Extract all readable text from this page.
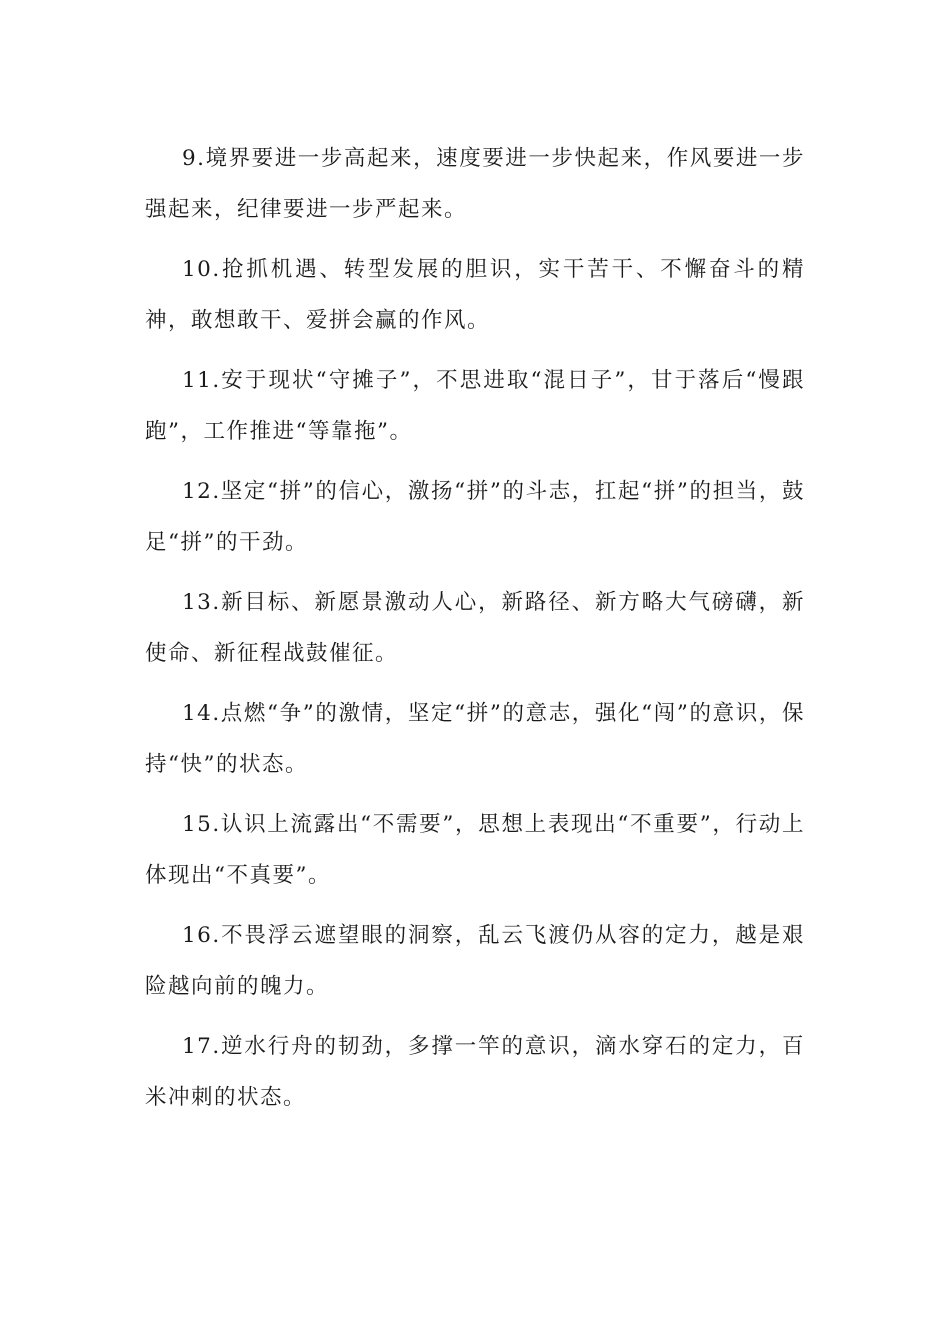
9.境界要进一步高起来，速度要进一步快起来，作风要进一步强起来，纪律要进一步严起来。

10.抢抓机遇、转型发展的胆识，实干苦干、不懈奋斗的精神，敢想敢干、爱拼会赢的作风。

11.安于现状“守摊子”，不思进取“混日子”，甘于落后“慢跟跑”，工作推进“等靠拖”。

12.坚定“拼”的信心，激扬“拼”的斗志，扛起“拼”的担当，鼓足“拼”的干劲。

13.新目标、新愿景激动人心，新路径、新方略大气磅礴，新使命、新征程战鼓催征。

14.点燃“争”的激情，坚定“拼”的意志，强化“闯”的意识，保持“快”的状态。

15.认识上流露出“不需要”，思想上表现出“不重要”，行动上体现出“不真要”。

16.不畏浮云遮望眼的洞察，乱云飞渡仍从容的定力，越是艰险越向前的魄力。

17.逆水行舟的韧劲，多撑一竿的意识，滴水穿石的定力，百米冲刺的状态。
